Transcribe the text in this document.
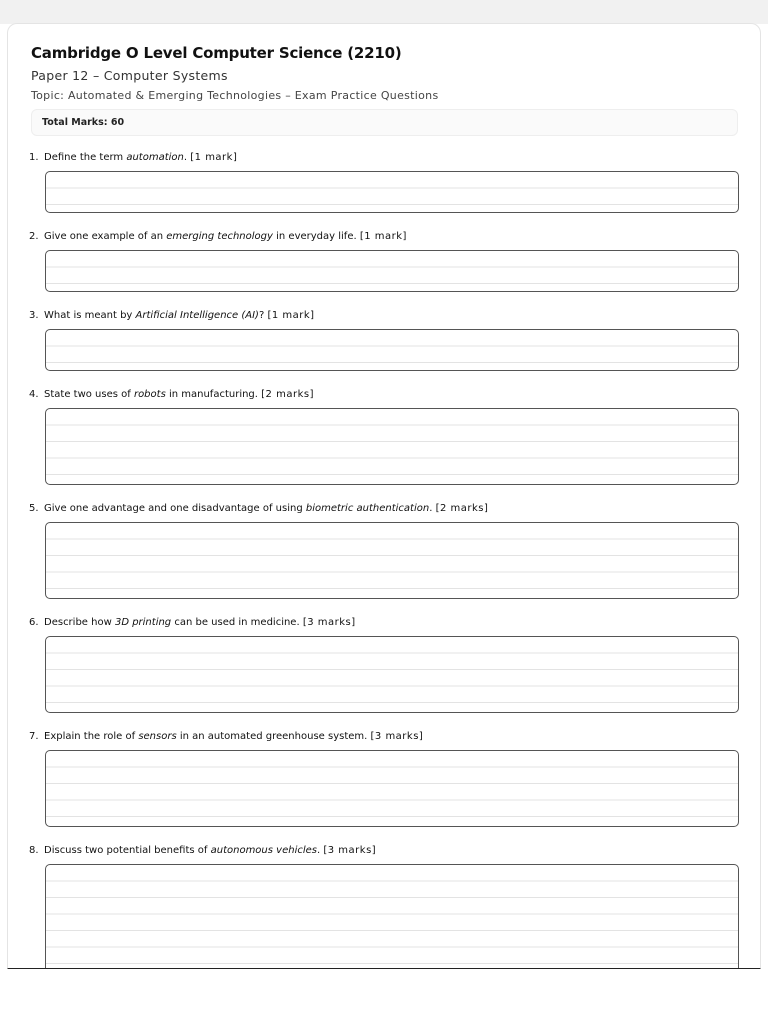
Cambridge O Level Computer Science (2210)
Paper 12 – Computer Systems
Topic: Automated & Emerging Technologies – Exam Practice Questions
Total Marks: 60
1. Define the term automation. [1 mark]
2. Give one example of an emerging technology in everyday life. [1 mark]
3. What is meant by Artificial Intelligence (AI)? [1 mark]
4. State two uses of robots in manufacturing. [2 marks]
5. Give one advantage and one disadvantage of using biometric authentication. [2 marks]
6. Describe how 3D printing can be used in medicine. [3 marks]
7. Explain the role of sensors in an automated greenhouse system. [3 marks]
8. Discuss two potential benefits of autonomous vehicles. [3 marks]
